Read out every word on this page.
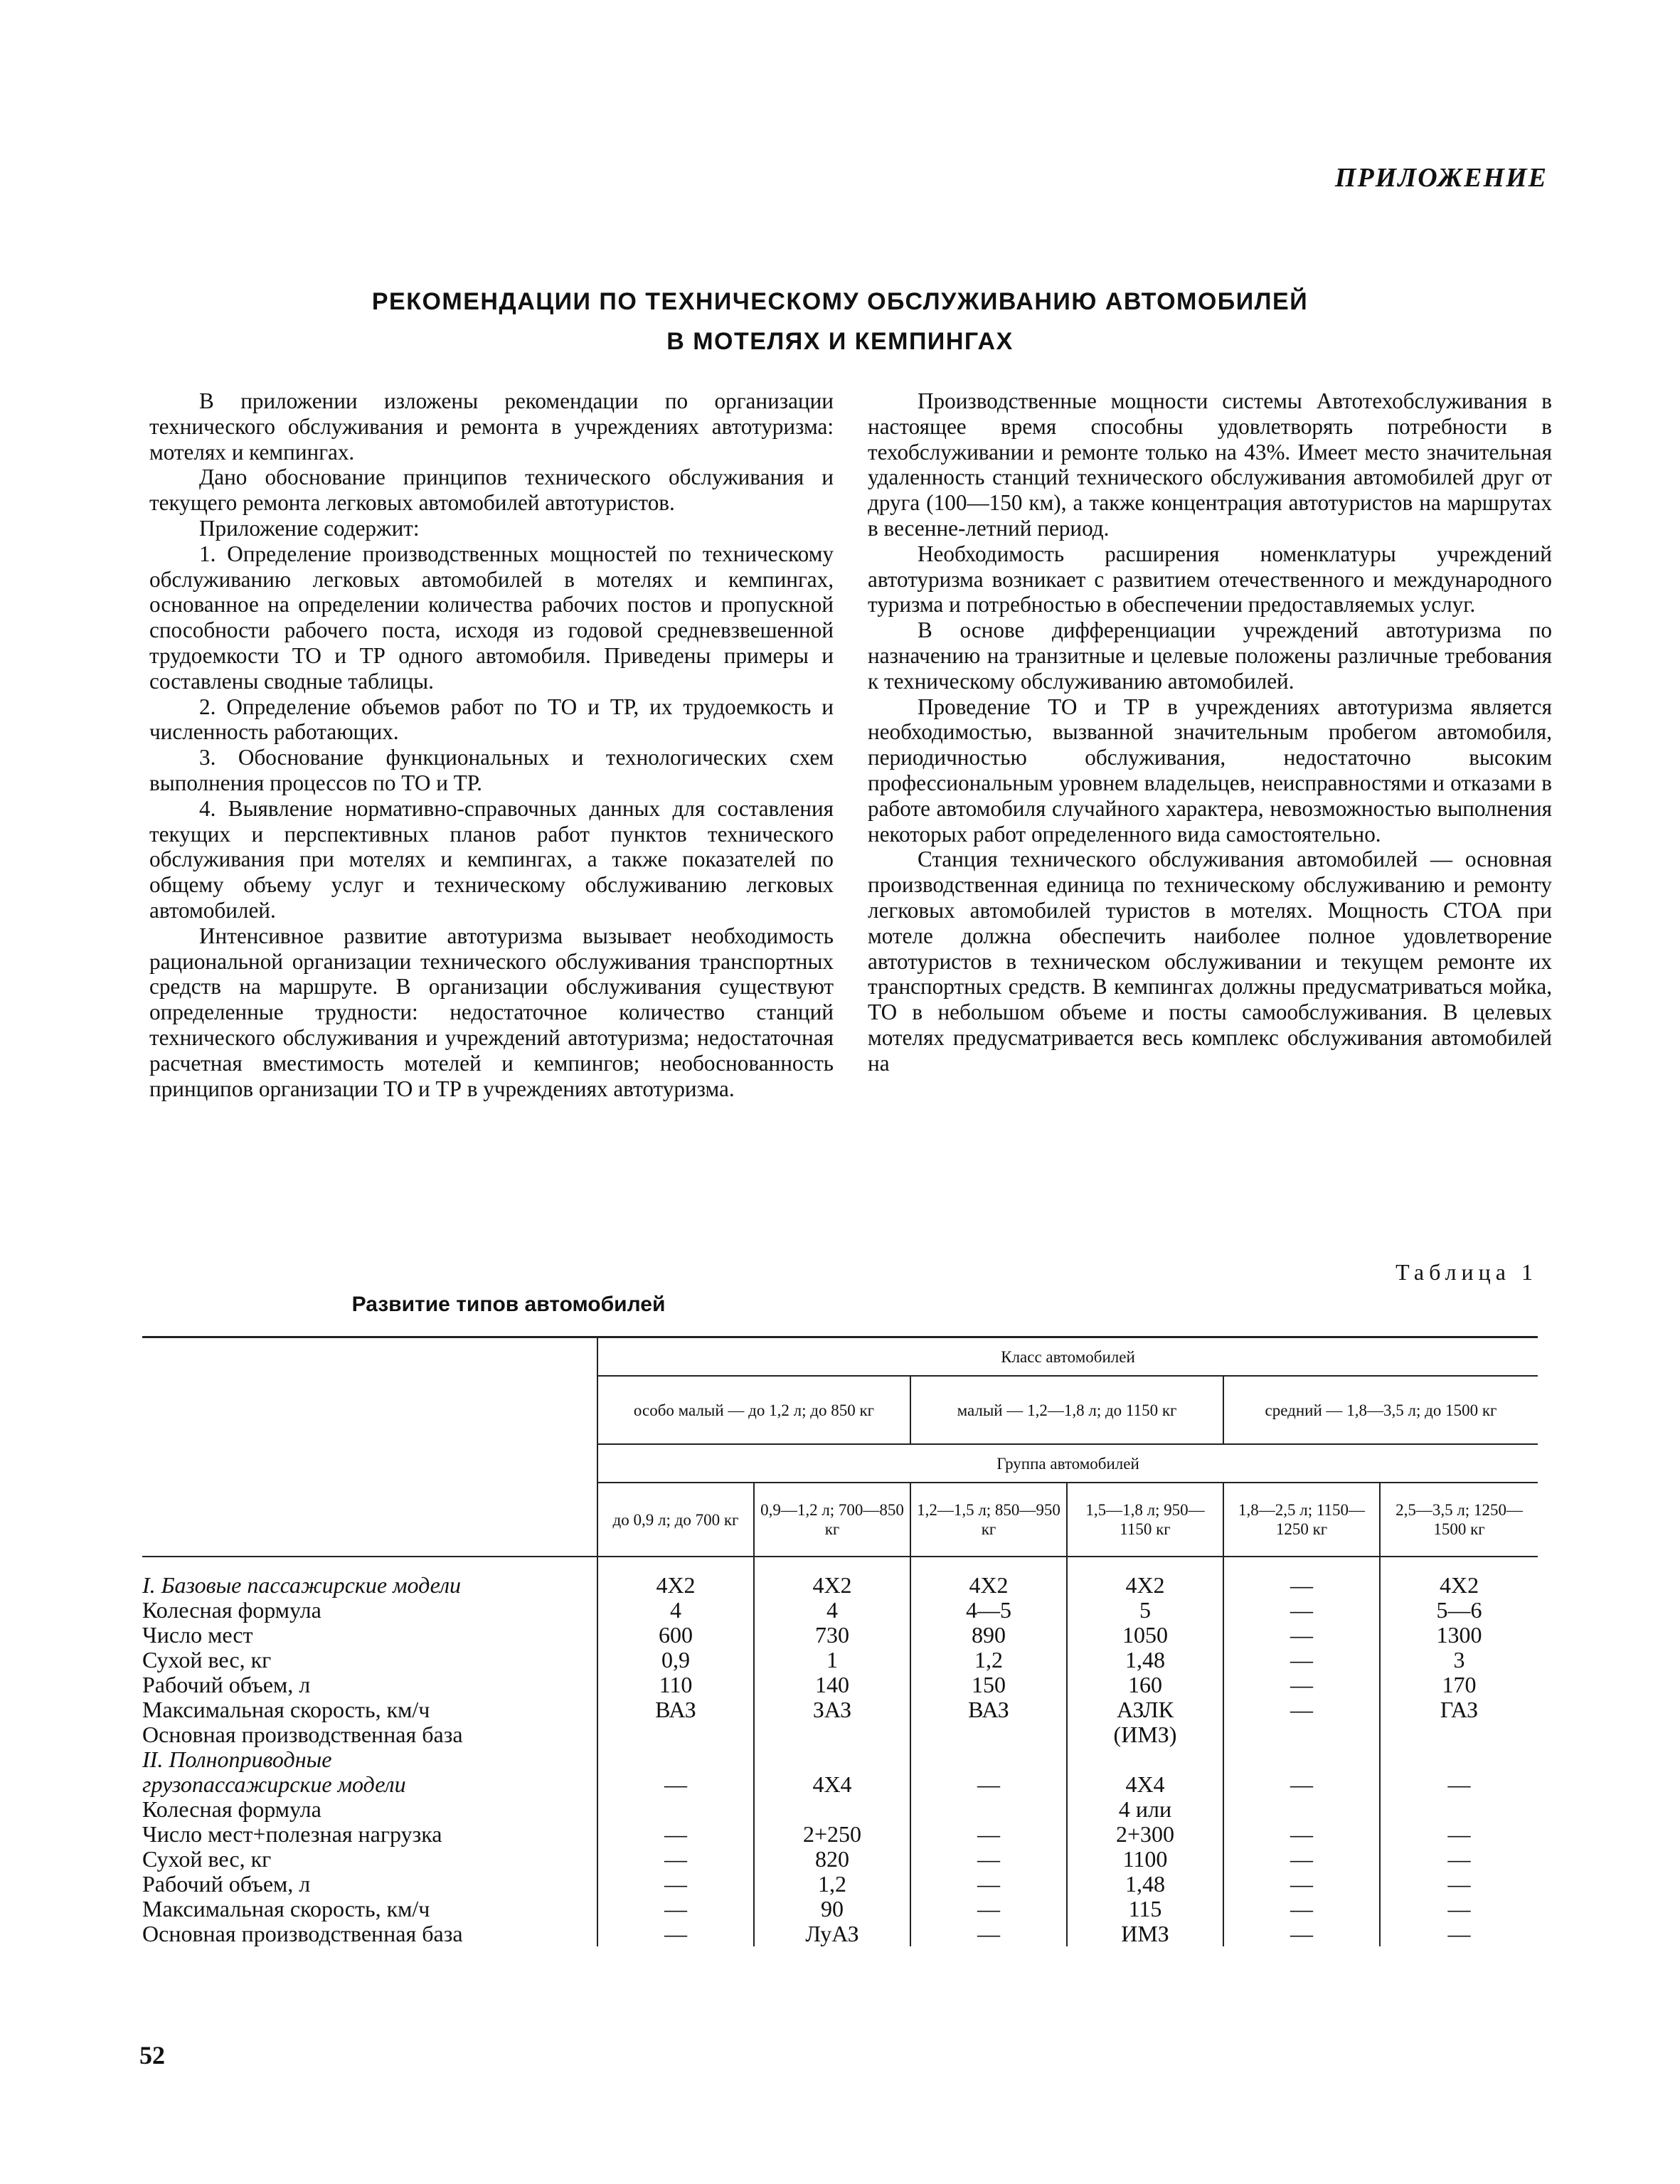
ПРИЛОЖЕНИЕ
РЕКОМЕНДАЦИИ ПО ТЕХНИЧЕСКОМУ ОБСЛУЖИВАНИЮ АВТОМОБИЛЕЙ
В МОТЕЛЯХ И КЕМПИНГАХ

В приложении изложены рекомендации по организации технического обслуживания и ремонта в учреждениях автотуризма: мотелях и кемпингах.

Дано обоснование принципов технического обслуживания и текущего ремонта легковых автомобилей автотуристов.

Приложение содержит:

1. Определение производственных мощностей по техническому обслуживанию легковых автомобилей в мотелях и кемпингах, основанное на определении количества рабочих постов и пропускной способности рабочего поста, исходя из годовой средневзвешенной трудоемкости ТО и ТР одного автомобиля. Приведены примеры и составлены сводные таблицы.

2. Определение объемов работ по ТО и ТР, их трудоемкость и численность работающих.

3. Обоснование функциональных и технологических схем выполнения процессов по ТО и ТР.

4. Выявление нормативно-справочных данных для составления текущих и перспективных планов работ пунктов технического обслуживания при мотелях и кемпингах, а также показателей по общему объему услуг и техническому обслуживанию легковых автомобилей.

Интенсивное развитие автотуризма вызывает необходимость рациональной организации технического обслуживания транспортных средств на маршруте. В организации обслуживания существуют определенные трудности: недостаточное количество станций технического обслуживания и учреждений автотуризма; недостаточная расчетная вместимость мотелей и кемпингов; необоснованность принципов организации ТО и ТР в учреждениях автотуризма.

Производственные мощности системы Автотехобслуживания в настоящее время способны удовлетворять потребности в техобслуживании и ремонте только на 43%. Имеет место значительная удаленность станций технического обслуживания автомобилей друг от друга (100—150 км), а также концентрация автотуристов на маршрутах в весенне-летний период.

Необходимость расширения номенклатуры учреждений автотуризма возникает с развитием отечественного и международного туризма и потребностью в обеспечении предоставляемых услуг.

В основе дифференциации учреждений автотуризма по назначению на транзитные и целевые положены различные требования к техническому обслуживанию автомобилей.

Проведение ТО и ТР в учреждениях автотуризма является необходимостью, вызванной значительным пробегом автомобиля, периодичностью обслуживания, недостаточно высоким профессиональным уровнем владельцев, неисправностями и отказами в работе автомобиля случайного характера, невозможностью выполнения некоторых работ определенного вида самостоятельно.

Станция технического обслуживания автомобилей — основная производственная единица по техническому обслуживанию и ремонту легковых автомобилей туристов в мотелях. Мощность СТОА при мотеле должна обеспечить наиболее полное удовлетворение автотуристов в техническом обслуживании и текущем ремонте их транспортных средств. В кемпингах должны предусматриваться мойка, ТО в небольшом объеме и посты самообслуживания. В целевых мотелях предусматривается весь комплекс обслуживания автомобилей на

Таблица 1
Развитие типов автомобилей
	Класс автомобилей					
	особо малый — до 1,2 л; до 850 кг		малый — 1,2—1,8 л; до 1150 кг		средний — 1,8—3,5 л; до 1500 кг	
	Группа автомобилей					
	до 0,9 л; до 700 кг	0,9—1,2 л; 700—850 кг	1,2—1,5 л; 850—950 кг	1,5—1,8 л; 950—1150 кг	1,8—2,5 л; 1150—1250 кг	2,5—3,5 л; 1250—1500 кг

I. Базовые пассажирские модели	4X2	4X2	4X2	4X2	—	4X2
Колесная формула	4	4	4—5	5	—	5—6
Число мест	600	730	890	1050	—	1300
Сухой вес, кг	0,9	1	1,2	1,48	—	3
Рабочий объем, л	110	140	150	160	—	170
Максимальная скорость, км/ч	ВАЗ	ЗАЗ	ВАЗ	АЗЛК	—	ГАЗ
Основная производственная база				(ИМЗ)		
II. Полноприводные						
грузопассажирские модели	—	4X4	—	4X4	—	—
Колесная формула				4 или		
Число мест+полезная нагрузка	—	2+250	—	2+300	—	—
Сухой вес, кг	—	820	—	1100	—	—
Рабочий объем, л	—	1,2	—	1,48	—	—
Максимальная скорость, км/ч	—	90	—	115	—	—
Основная производственная база	—	ЛуАЗ	—	ИМЗ	—	—
52
